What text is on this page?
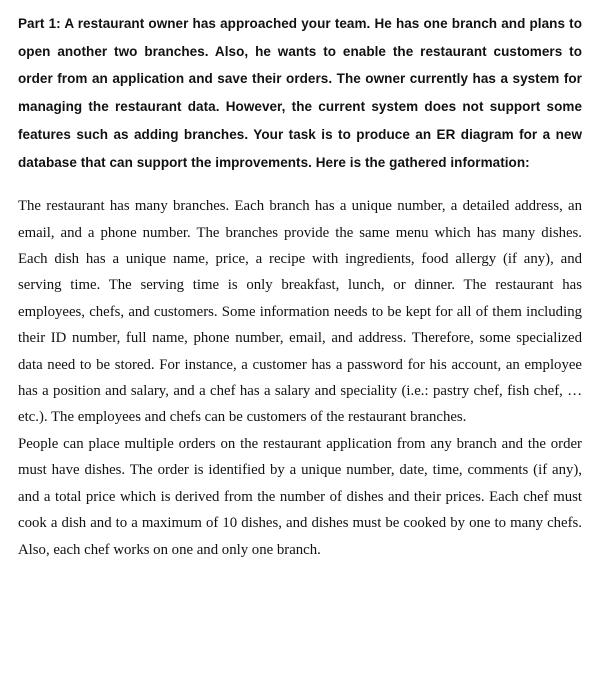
Part 1: A restaurant owner has approached your team. He has one branch and plans to open another two branches. Also, he wants to enable the restaurant customers to order from an application and save their orders. The owner currently has a system for managing the restaurant data. However, the current system does not support some features such as adding branches. Your task is to produce an ER diagram for a new database that can support the improvements. Here is the gathered information:

The restaurant has many branches. Each branch has a unique number, a detailed address, an email, and a phone number. The branches provide the same menu which has many dishes. Each dish has a unique name, price, a recipe with ingredients, food allergy (if any), and serving time. The serving time is only breakfast, lunch, or dinner. The restaurant has employees, chefs, and customers. Some information needs to be kept for all of them including their ID number, full name, phone number, email, and address. Therefore, some specialized data need to be stored. For instance, a customer has a password for his account, an employee has a position and salary, and a chef has a salary and speciality (i.e.: pastry chef, fish chef, … etc.). The employees and chefs can be customers of the restaurant branches.

People can place multiple orders on the restaurant application from any branch and the order must have dishes. The order is identified by a unique number, date, time, comments (if any), and a total price which is derived from the number of dishes and their prices. Each chef must cook a dish and to a maximum of 10 dishes, and dishes must be cooked by one to many chefs. Also, each chef works on one and only one branch.
